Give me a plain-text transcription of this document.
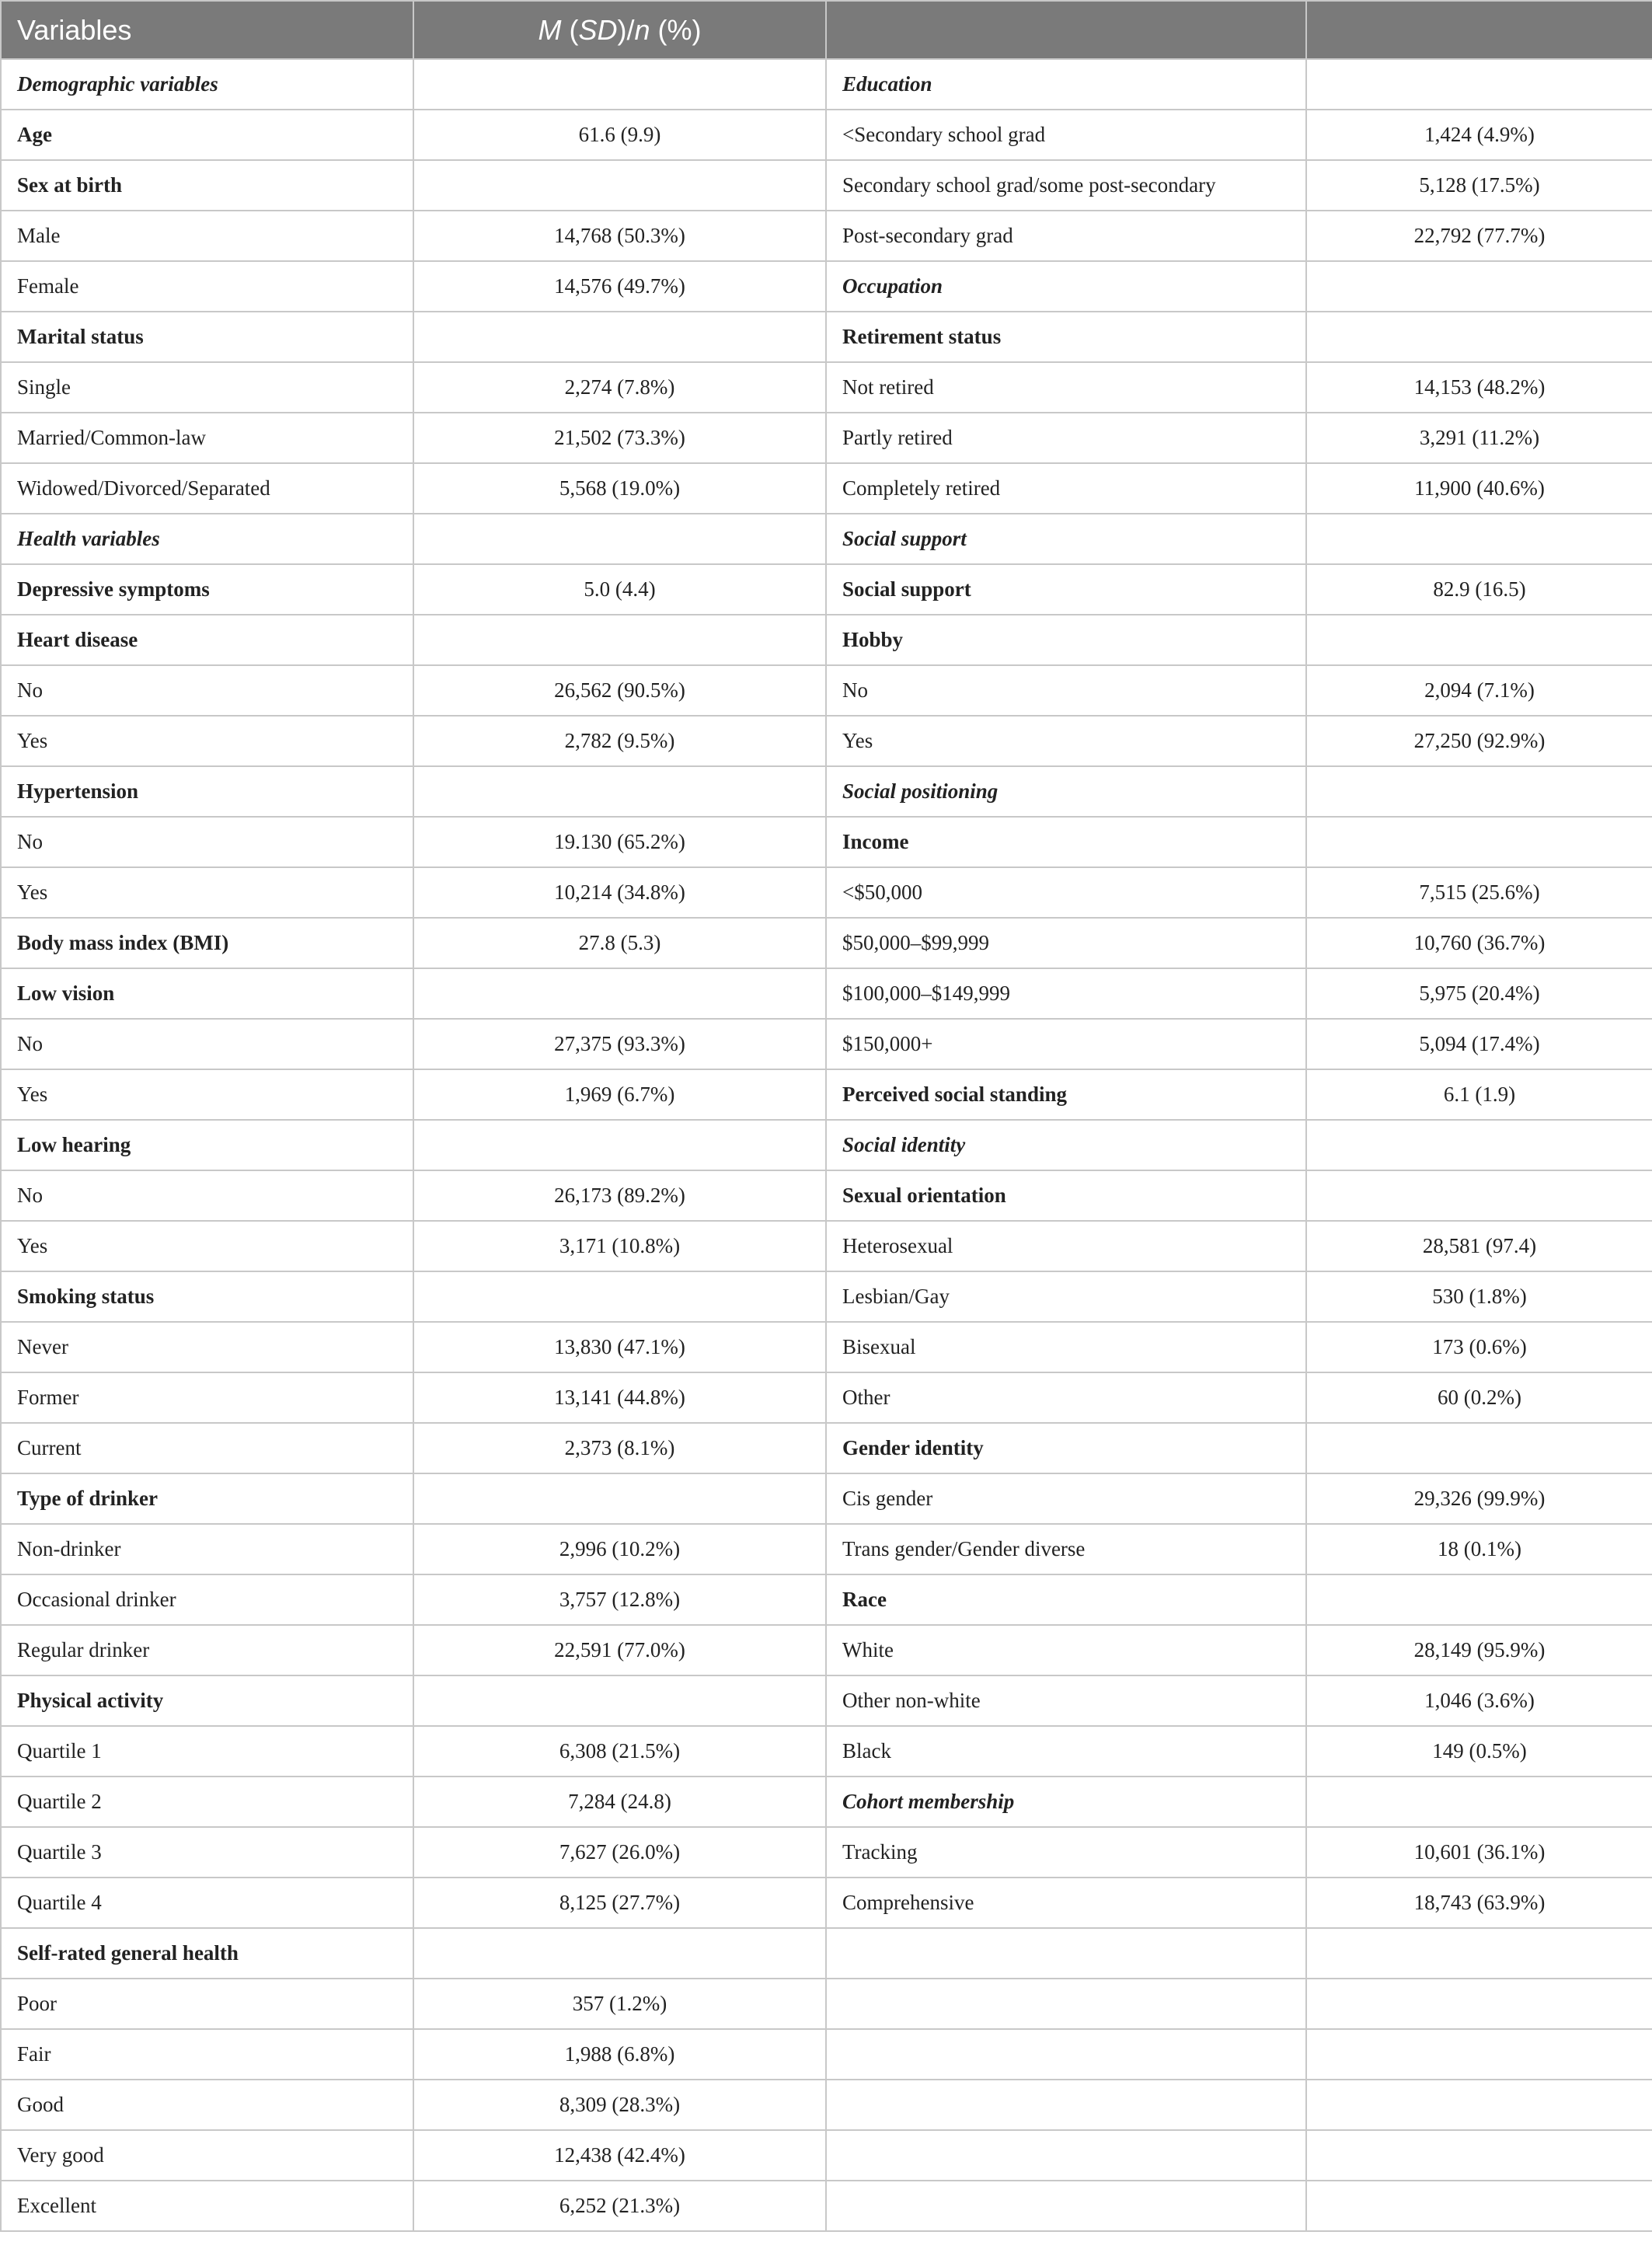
Variables	M (SD)/n (%)		
Demographic variables		Education	
Age	61.6 (9.9)	<Secondary school grad	1,424 (4.9%)
Sex at birth		Secondary school grad/some post-secondary	5,128 (17.5%)
Male	14,768 (50.3%)	Post-secondary grad	22,792 (77.7%)
Female	14,576 (49.7%)	Occupation	
Marital status		Retirement status	
Single	2,274 (7.8%)	Not retired	14,153 (48.2%)
Married/Common-law	21,502 (73.3%)	Partly retired	3,291 (11.2%)
Widowed/Divorced/Separated	5,568 (19.0%)	Completely retired	11,900 (40.6%)
Health variables		Social support	
Depressive symptoms	5.0 (4.4)	Social support	82.9 (16.5)
Heart disease		Hobby	
No	26,562 (90.5%)	No	2,094 (7.1%)
Yes	2,782 (9.5%)	Yes	27,250 (92.9%)
Hypertension		Social positioning	
No	19.130 (65.2%)	Income	
Yes	10,214 (34.8%)	<$50,000	7,515 (25.6%)
Body mass index (BMI)	27.8 (5.3)	$50,000–$99,999	10,760 (36.7%)
Low vision		$100,000–$149,999	5,975 (20.4%)
No	27,375 (93.3%)	$150,000+	5,094 (17.4%)
Yes	1,969 (6.7%)	Perceived social standing	6.1 (1.9)
Low hearing		Social identity	
No	26,173 (89.2%)	Sexual orientation	
Yes	3,171 (10.8%)	Heterosexual	28,581 (97.4)
Smoking status		Lesbian/Gay	530 (1.8%)
Never	13,830 (47.1%)	Bisexual	173 (0.6%)
Former	13,141 (44.8%)	Other	60 (0.2%)
Current	2,373 (8.1%)	Gender identity	
Type of drinker		Cis gender	29,326 (99.9%)
Non-drinker	2,996 (10.2%)	Trans gender/Gender diverse	18 (0.1%)
Occasional drinker	3,757 (12.8%)	Race	
Regular drinker	22,591 (77.0%)	White	28,149 (95.9%)
Physical activity		Other non-white	1,046 (3.6%)
Quartile 1	6,308 (21.5%)	Black	149 (0.5%)
Quartile 2	7,284 (24.8)	Cohort membership	
Quartile 3	7,627 (26.0%)	Tracking	10,601 (36.1%)
Quartile 4	8,125 (27.7%)	Comprehensive	18,743 (63.9%)
Self-rated general health			
Poor	357 (1.2%)		
Fair	1,988 (6.8%)		
Good	8,309 (28.3%)		
Very good	12,438 (42.4%)		
Excellent	6,252 (21.3%)		
